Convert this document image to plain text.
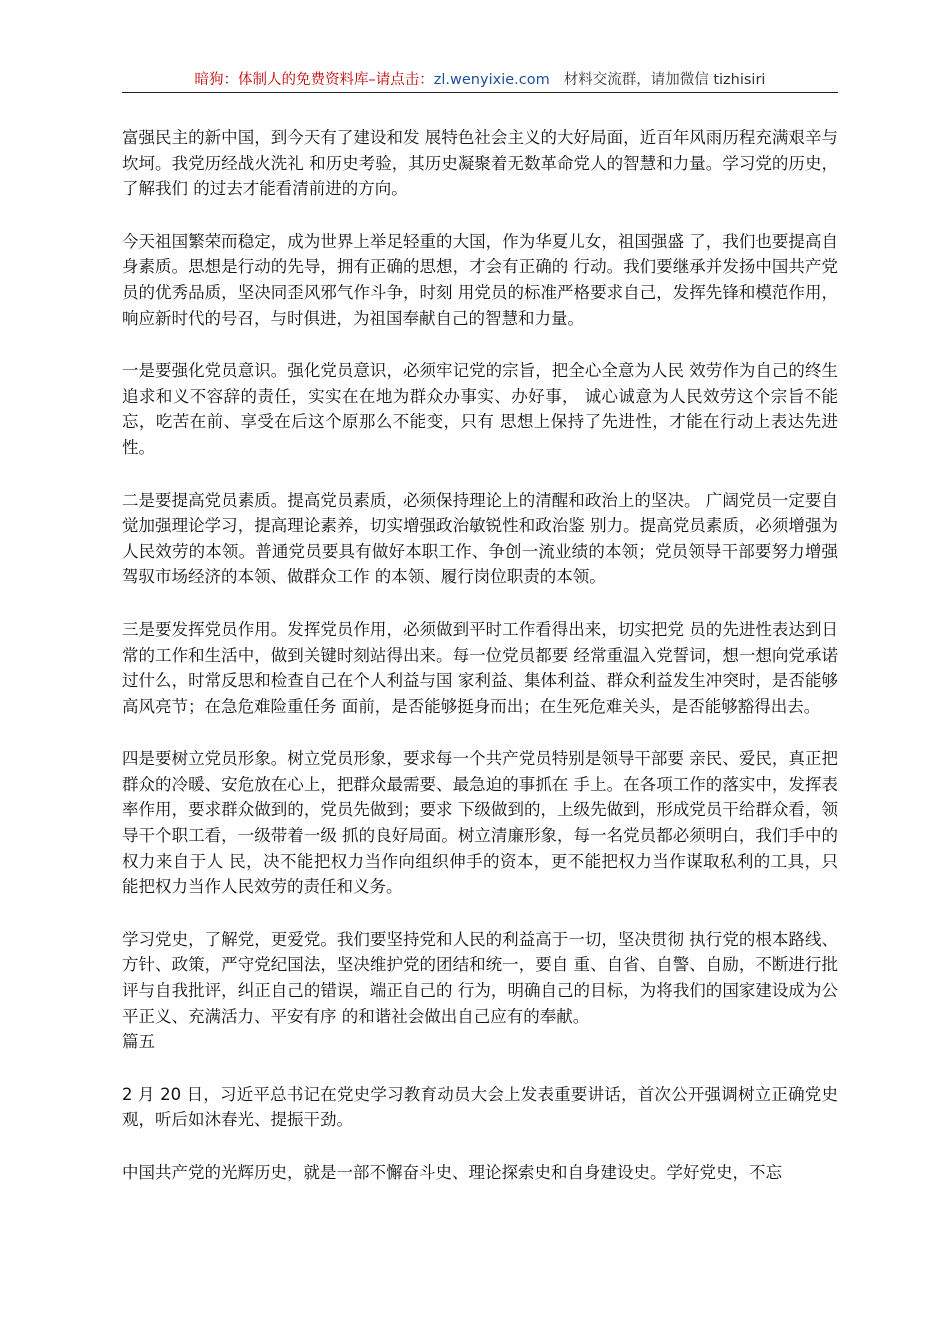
暗狗：体制人的免费资料库–请点击：zl.wenyixie.com 材料交流群，请加微信 tizhisiri

富强民主的新中国，到今天有了建设和发 展特色社会主义的大好局面，近百年风雨历程充满艰辛与坎坷。我党历经战火洗礼 和历史考验，其历史凝聚着无数革命党人的智慧和力量。学习党的历史，了解我们 的过去才能看清前进的方向。

今天祖国繁荣而稳定，成为世界上举足轻重的大国，作为华夏儿女，祖国强盛 了，我们也要提高自身素质。思想是行动的先导，拥有正确的思想，才会有正确的 行动。我们要继承并发扬中国共产党员的优秀品质，坚决同歪风邪气作斗争，时刻 用党员的标准严格要求自己，发挥先锋和模范作用，响应新时代的号召，与时俱进，为祖国奉献自己的智慧和力量。

一是要强化党员意识。强化党员意识，必须牢记党的宗旨，把全心全意为人民 效劳作为自己的终生追求和义不容辞的责任，实实在在地为群众办事实、办好事， 诚心诚意为人民效劳这个宗旨不能忘，吃苦在前、享受在后这个原那么不能变，只有 思想上保持了先进性，才能在行动上表达先进性。

二是要提高党员素质。提高党员素质，必须保持理论上的清醒和政治上的坚决。 广阔党员一定要自觉加强理论学习，提高理论素养，切实增强政治敏锐性和政治鉴 别力。提高党员素质，必须增强为人民效劳的本领。普通党员要具有做好本职工作、争创一流业绩的本领；党员领导干部要努力增强驾驭市场经济的本领、做群众工作 的本领、履行岗位职责的本领。

三是要发挥党员作用。发挥党员作用，必须做到平时工作看得出来，切实把党 员的先进性表达到日常的工作和生活中，做到关键时刻站得出来。每一位党员都要 经常重温入党誓词，想一想向党承诺过什么，时常反思和检查自己在个人利益与国 家利益、集体利益、群众利益发生冲突时，是否能够高风亮节；在急危难险重任务 面前，是否能够挺身而出；在生死危难关头，是否能够豁得出去。

四是要树立党员形象。树立党员形象，要求每一个共产党员特别是领导干部要 亲民、爱民，真正把群众的冷暖、安危放在心上，把群众最需要、最急迫的事抓在 手上。在各项工作的落实中，发挥表率作用，要求群众做到的，党员先做到；要求 下级做到的，上级先做到，形成党员干给群众看，领导干个职工看，一级带着一级 抓的良好局面。树立清廉形象，每一名党员都必须明白，我们手中的权力来自于人 民，决不能把权力当作向组织伸手的资本，更不能把权力当作谋取私利的工具，只 能把权力当作人民效劳的责任和义务。

学习党史，了解党，更爱党。我们要坚持党和人民的利益高于一切，坚决贯彻 执行党的根本路线、方针、政策，严守党纪国法，坚决维护党的团结和统一，要自 重、自省、自警、自励，不断进行批评与自我批评，纠正自己的错误，端正自己的 行为，明确自己的目标，为将我们的国家建设成为公平正义、充满活力、平安有序 的和谐社会做出自己应有的奉献。

篇五

2 月 20 日，习近平总书记在党史学习教育动员大会上发表重要讲话，首次公开强调树立正确党史观，听后如沐春光、提振干劲。

中国共产党的光辉历史，就是一部不懈奋斗史、理论探索史和自身建设史。学好党史，不忘
